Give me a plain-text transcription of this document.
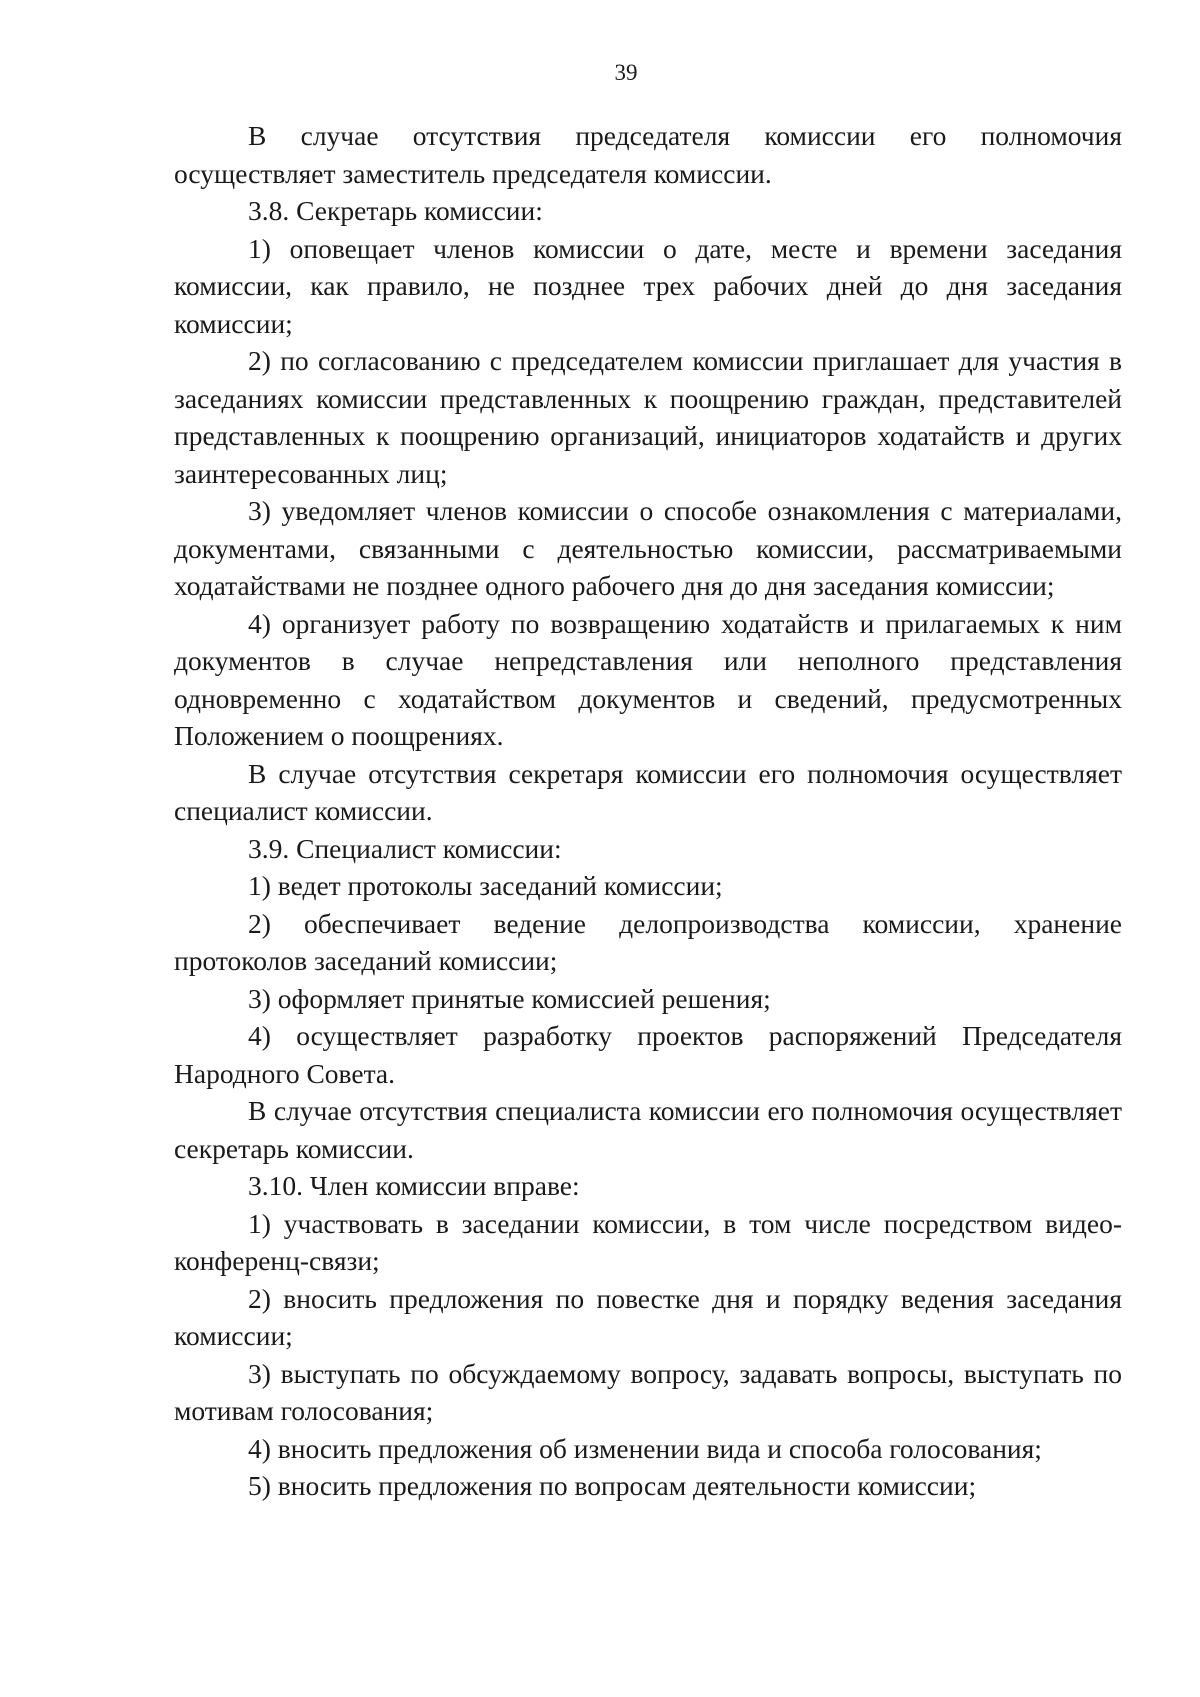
39

В случае отсутствия председателя комиссии его полномочия осуществляет заместитель председателя комиссии.

3.8. Секретарь комиссии:

1) оповещает членов комиссии о дате, месте и времени заседания комиссии, как правило, не позднее трех рабочих дней до дня заседания комиссии;

2) по согласованию с председателем комиссии приглашает для участия в заседаниях комиссии представленных к поощрению граждан, представителей представленных к поощрению организаций, инициаторов ходатайств и других заинтересованных лиц;

3) уведомляет членов комиссии о способе ознакомления с материалами, документами, связанными с деятельностью комиссии, рассматриваемыми ходатайствами не позднее одного рабочего дня до дня заседания комиссии;

4) организует работу по возвращению ходатайств и прилагаемых к ним документов в случае непредставления или неполного представления одновременно с ходатайством документов и сведений, предусмотренных Положением о поощрениях.

В случае отсутствия секретаря комиссии его полномочия осуществляет специалист комиссии.

3.9. Специалист комиссии:

1) ведет протоколы заседаний комиссии;

2) обеспечивает ведение делопроизводства комиссии, хранение протоколов заседаний комиссии;

3) оформляет принятые комиссией решения;

4) осуществляет разработку проектов распоряжений Председателя Народного Совета.

В случае отсутствия специалиста комиссии его полномочия осуществляет секретарь комиссии.

3.10. Член комиссии вправе:

1) участвовать в заседании комиссии, в том числе посредством видео-конференц-связи;

2) вносить предложения по повестке дня и порядку ведения заседания комиссии;

3) выступать по обсуждаемому вопросу, задавать вопросы, выступать по мотивам голосования;

4) вносить предложения об изменении вида и способа голосования;

5) вносить предложения по вопросам деятельности комиссии;
